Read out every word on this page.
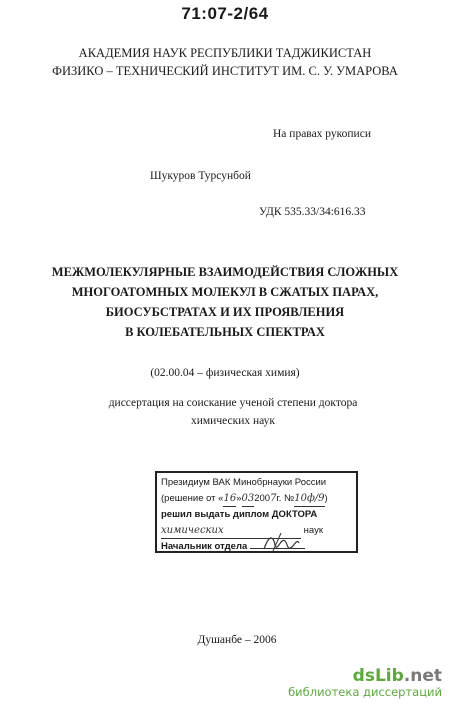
71:07-2/64
АКАДЕМИЯ НАУК РЕСПУБЛИКИ ТАДЖИКИСТАН
ФИЗИКО – ТЕХНИЧЕСКИЙ ИНСТИТУТ ИМ. С. У. УМАРОВА
На правах рукописи
Шукуров Турсунбой
УДК 535.33/34:616.33
МЕЖМОЛЕКУЛЯРНЫЕ ВЗАИМОДЕЙСТВИЯ СЛОЖНЫХ
МНОГОАТОМНЫХ МОЛЕКУЛ В СЖАТЫХ ПАРАХ,
БИОСУБСТРАТАХ И ИХ ПРОЯВЛЕНИЯ
В КОЛЕБАТЕЛЬНЫХ СПЕКТРАХ
(02.00.04 – физическая химия)
диссертация на соискание ученой степени доктора
химических наук
Президиум ВАК Минобрнауки России
(решение от «16»032007г. №10ф/9)
решил выдать диплом ДОКТОРА
химических	наук
Начальник отдела
Душанбе – 2006
dsLib.net
библиотека диссертаций
